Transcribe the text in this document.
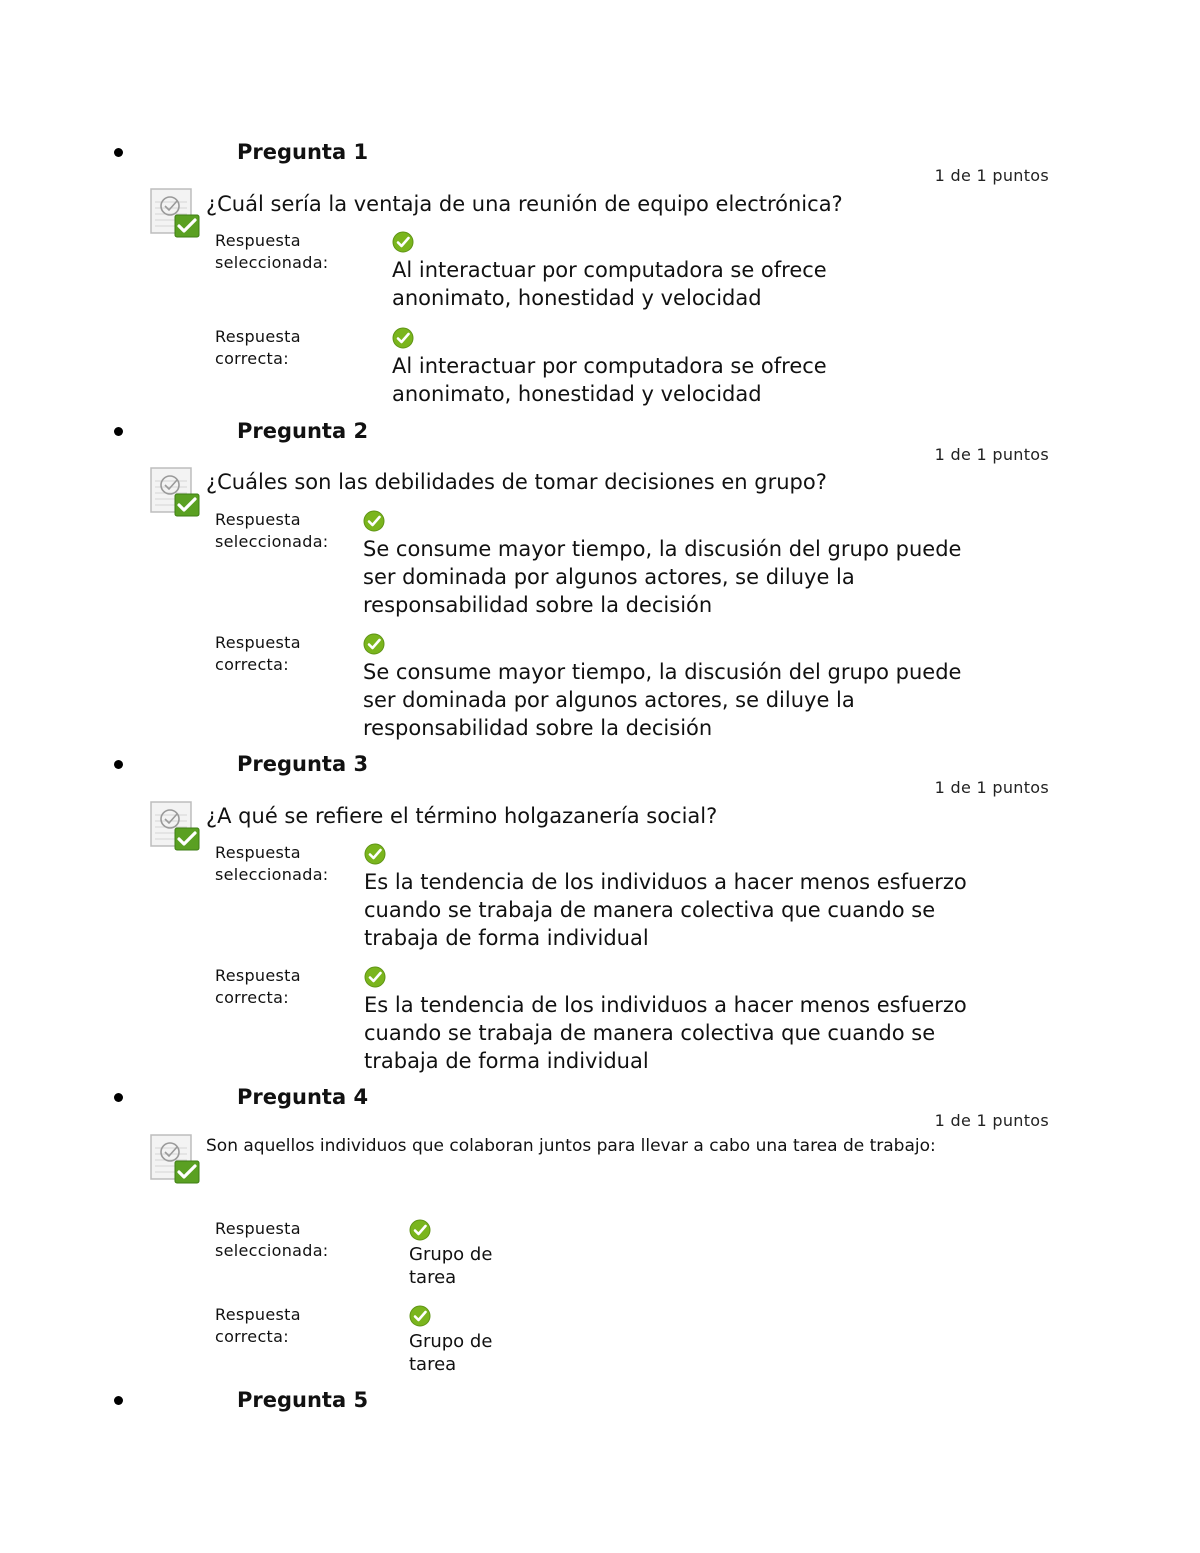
Pregunta 1
1 de 1 puntos
¿Cuál sería la ventaja de una reunión de equipo electrónica?
Respuesta seleccionada:	Al interactuar por computadora se ofrece anonimato, honestidad y velocidad
Respuesta correcta:	Al interactuar por computadora se ofrece anonimato, honestidad y velocidad
Pregunta 2
1 de 1 puntos
¿Cuáles son las debilidades de tomar decisiones en grupo?
Respuesta seleccionada:	Se consume mayor tiempo, la discusión del grupo puede ser dominada por algunos actores, se diluye la responsabilidad sobre la decisión
Respuesta correcta:	Se consume mayor tiempo, la discusión del grupo puede ser dominada por algunos actores, se diluye la responsabilidad sobre la decisión
Pregunta 3
1 de 1 puntos
¿A qué se refiere el término holgazanería social?
Respuesta seleccionada:	Es la tendencia de los individuos a hacer menos esfuerzo cuando se trabaja de manera colectiva que cuando se trabaja de forma individual
Respuesta correcta:	Es la tendencia de los individuos a hacer menos esfuerzo cuando se trabaja de manera colectiva que cuando se trabaja de forma individual
Pregunta 4
1 de 1 puntos
Son aquellos individuos que colaboran juntos para llevar a cabo una tarea de trabajo:
Respuesta seleccionada:	Grupo de tarea
Respuesta correcta:	Grupo de tarea
Pregunta 5
